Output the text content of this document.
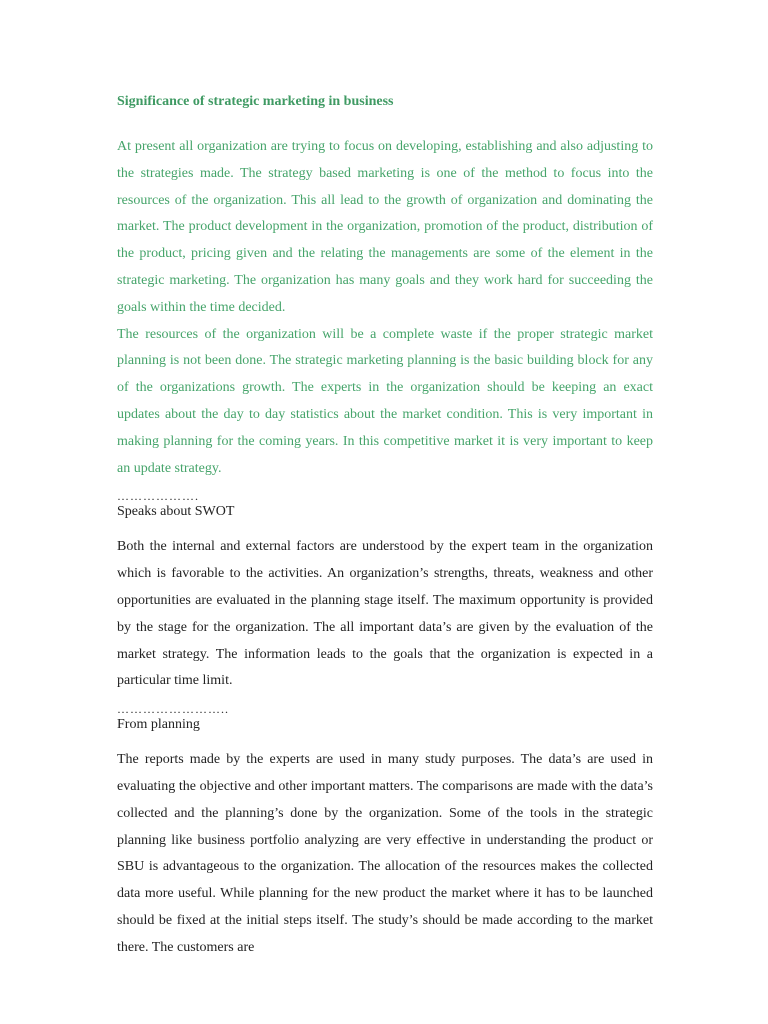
Significance of strategic marketing in business

At present all organization are trying to focus on developing, establishing and also adjusting to the strategies made. The strategy based marketing is one of the method to focus into the resources of the organization. This all lead to the growth of organization and dominating the market. The product development in the organization, promotion of the product, distribution of the product, pricing given and the relating the managements are some of the element in the strategic marketing. The organization has many goals and they work hard for succeeding the goals within the time decided.

The resources of the organization will be a complete waste if the proper strategic market planning is not been done. The strategic marketing planning is the basic building block for any of the organizations growth. The experts in the organization should be keeping an exact updates about the day to day statistics about the market condition. This is very important in making planning for the coming years. In this competitive market it is very important to keep an update strategy.

……………….

Speaks about SWOT

Both the internal and external factors are understood by the expert team in the organization which is favorable to the activities. An organization’s strengths, threats, weakness and other opportunities are evaluated in the planning stage itself. The maximum opportunity is provided by the stage for the organization. The all important data’s are given by the evaluation of the market strategy. The information leads to the goals that the organization is expected in a particular time limit.

……………………..

From planning

The reports made by the experts are used in many study purposes. The data’s are used in evaluating the objective and other important matters. The comparisons are made with the data’s collected and the planning’s done by the organization. Some of the tools in the strategic planning like business portfolio analyzing are very effective in understanding the product or SBU is advantageous to the organization. The allocation of the resources makes the collected data more useful. While planning for the new product the market where it has to be launched should be fixed at the initial steps itself. The study’s should be made according to the market there. The customers are
